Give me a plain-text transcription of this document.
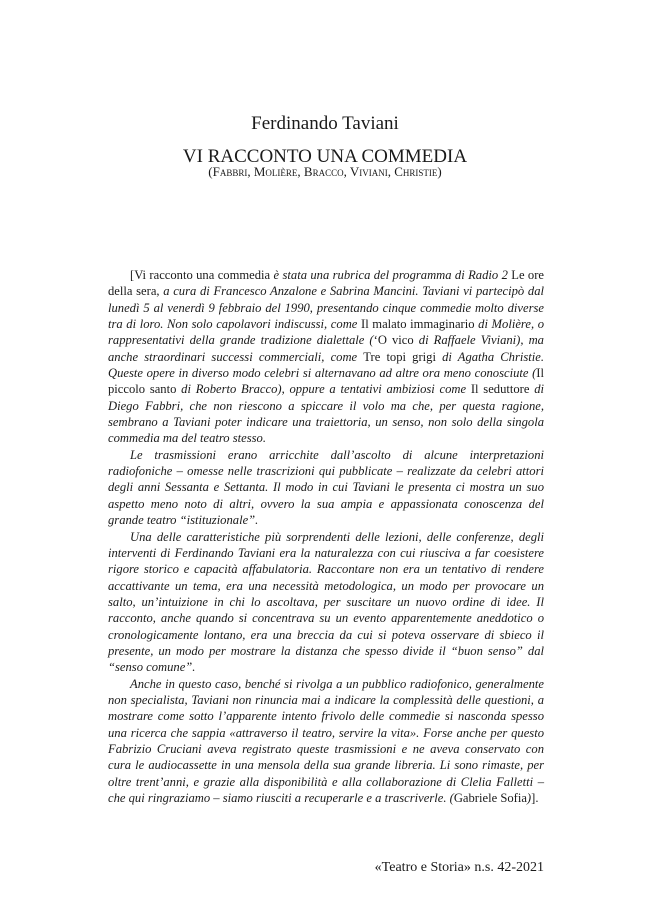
Ferdinando Taviani
VI RACCONTO UNA COMMEDIA
(Fabbri, Molière, Bracco, Viviani, Christie)

[Vi racconto una commedia è stata una rubrica del programma di Radio 2 Le ore della sera, a cura di Francesco Anzalone e Sabrina Mancini. Taviani vi partecipò dal lunedì 5 al venerdì 9 febbraio del 1990, presentando cinque commedie molto diverse tra di loro. Non solo capolavori indiscussi, come Il malato immaginario di Molière, o rappresentativi della grande tradizione dialettale (‘O vico di Raffaele Viviani), ma anche straordinari successi commerciali, come Tre topi grigi di Agatha Christie. Queste opere in diverso modo celebri si alternavano ad altre ora meno conosciute (Il piccolo santo di Roberto Bracco), oppure a tentativi ambiziosi come Il seduttore di Diego Fabbri, che non riescono a spiccare il volo ma che, per questa ragione, sembrano a Taviani poter indicare una traiettoria, un senso, non solo della singola commedia ma del teatro stesso.

Le trasmissioni erano arricchite dall’ascolto di alcune interpretazioni radiofoniche – omesse nelle trascrizioni qui pubblicate – realizzate da celebri attori degli anni Sessanta e Settanta. Il modo in cui Taviani le presenta ci mostra un suo aspetto meno noto di altri, ovvero la sua ampia e appassionata conoscenza del grande teatro “istituzionale”.

Una delle caratteristiche più sorprendenti delle lezioni, delle conferenze, degli interventi di Ferdinando Taviani era la naturalezza con cui riusciva a far coesistere rigore storico e capacità affabulatoria. Raccontare non era un tentativo di rendere accattivante un tema, era una necessità metodologica, un modo per provocare un salto, un’intuizione in chi lo ascoltava, per suscitare un nuovo ordine di idee. Il racconto, anche quando si concentrava su un evento apparentemente aneddotico o cronologicamente lontano, era una breccia da cui si poteva osservare di sbieco il presente, un modo per mostrare la distanza che spesso divide il “buon senso” dal “senso comune”.

Anche in questo caso, benché si rivolga a un pubblico radiofonico, generalmente non specialista, Taviani non rinuncia mai a indicare la complessità delle questioni, a mostrare come sotto l’apparente intento frivolo delle commedie si nasconda spesso una ricerca che sappia «attraverso il teatro, servire la vita». Forse anche per questo Fabrizio Cruciani aveva registrato queste trasmissioni e ne aveva conservato con cura le audiocassette in una mensola della sua grande libreria. Li sono rimaste, per oltre trent’anni, e grazie alla disponibilità e alla collaborazione di Clelia Falletti – che qui ringraziamo – siamo riusciti a recuperarle e a trascriverle. (Gabriele Sofia)].

«Teatro e Storia» n.s. 42-2021
